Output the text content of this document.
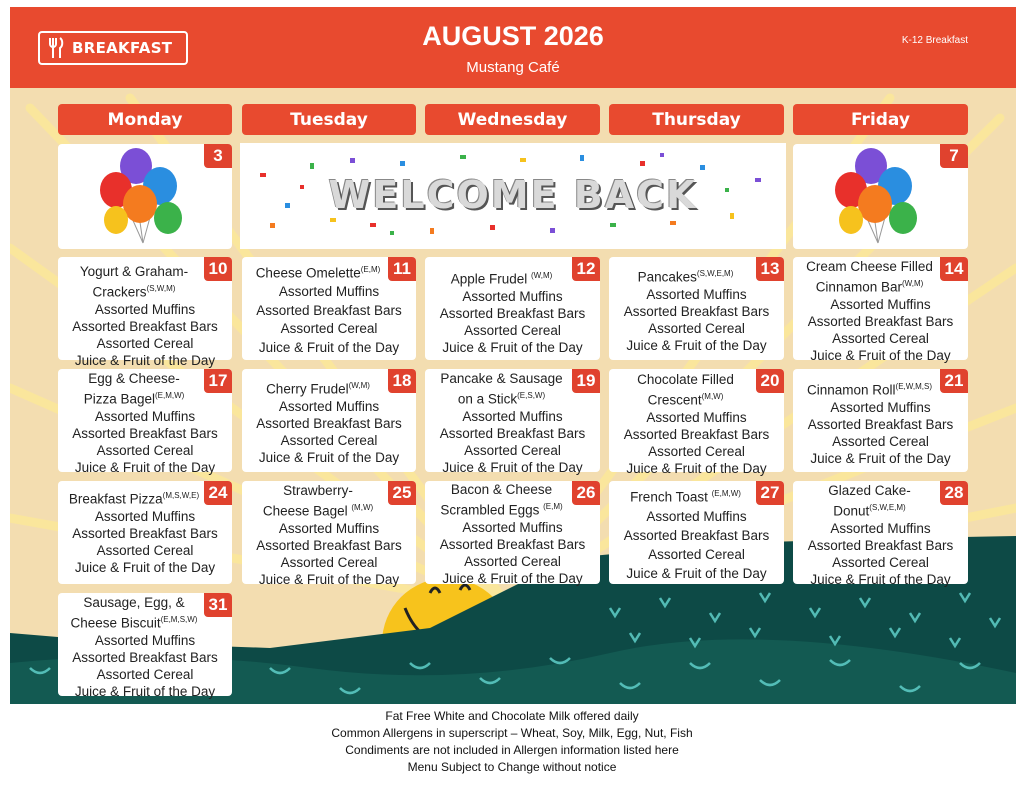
BREAKFAST	AUGUST 2026
Mustang Café
K-12 Breakfast
Monday	Tuesday	Wednesday	Thursday	Friday
3
WELCOME BACK
7
10
Yogurt & Graham-
Crackers$^{(S,W,M)}$
Assorted Muffins
Assorted Breakfast Bars
Assorted Cereal
Juice & Fruit of the Day
11
Cheese Omelette$^{(E,M)}$
Assorted Muffins
Assorted Breakfast Bars
Assorted Cereal
Juice & Fruit of the Day
12
Apple Frudel $^{(W,M)}$
Assorted Muffins
Assorted Breakfast Bars
Assorted Cereal
Juice & Fruit of the Day
13
Pancakes$^{(S,W,E,M)}$
Assorted Muffins
Assorted Breakfast Bars
Assorted Cereal
Juice & Fruit of the Day
14
Cream Cheese Filled
Cinnamon Bar$^{(W,M)}$
Assorted Muffins
Assorted Breakfast Bars
Assorted Cereal
Juice & Fruit of the Day
17
Egg & Cheese-
Pizza Bagel$^{(E,M,W)}$
Assorted Muffins
Assorted Breakfast Bars
Assorted Cereal
Juice & Fruit of the Day
18
Cherry Frudel$^{(W,M)}$
Assorted Muffins
Assorted Breakfast Bars
Assorted Cereal
Juice & Fruit of the Day
19
Pancake & Sausage
on a Stick$^{(E,S,W)}$
Assorted Muffins
Assorted Breakfast Bars
Assorted Cereal
Juice & Fruit of the Day
20
Chocolate Filled
Crescent$^{(M,W)}$
Assorted Muffins
Assorted Breakfast Bars
Assorted Cereal
Juice & Fruit of the Day
21
Cinnamon Roll$^{(E,W,M,S)}$
Assorted Muffins
Assorted Breakfast Bars
Assorted Cereal
Juice & Fruit of the Day
24
Breakfast Pizza$^{(M,S,W,E)}$
Assorted Muffins
Assorted Breakfast Bars
Assorted Cereal
Juice & Fruit of the Day
25
Strawberry-
Cheese Bagel $^{(M,W)}$
Assorted Muffins
Assorted Breakfast Bars
Assorted Cereal
Juice & Fruit of the Day
26
Bacon & Cheese
Scrambled Eggs $^{(E,M)}$
Assorted Muffins
Assorted Breakfast Bars
Assorted Cereal
Juice & Fruit of the Day
27
French Toast $^{(E,M,W)}$
Assorted Muffins
Assorted Breakfast Bars
Assorted Cereal
Juice & Fruit of the Day
28
Glazed Cake-
Donut$^{(S,W,E,M)}$
Assorted Muffins
Assorted Breakfast Bars
Assorted Cereal
Juice & Fruit of the Day
31
Sausage, Egg, &
Cheese Biscuit$^{(E,M,S,W)}$
Assorted Muffins
Assorted Breakfast Bars
Assorted Cereal
Juice & Fruit of the Day
Fat Free White and Chocolate Milk offered daily
Common Allergens in superscript – Wheat, Soy, Milk, Egg, Nut, Fish
Condiments are not included in Allergen information listed here
Menu Subject to Change without notice
